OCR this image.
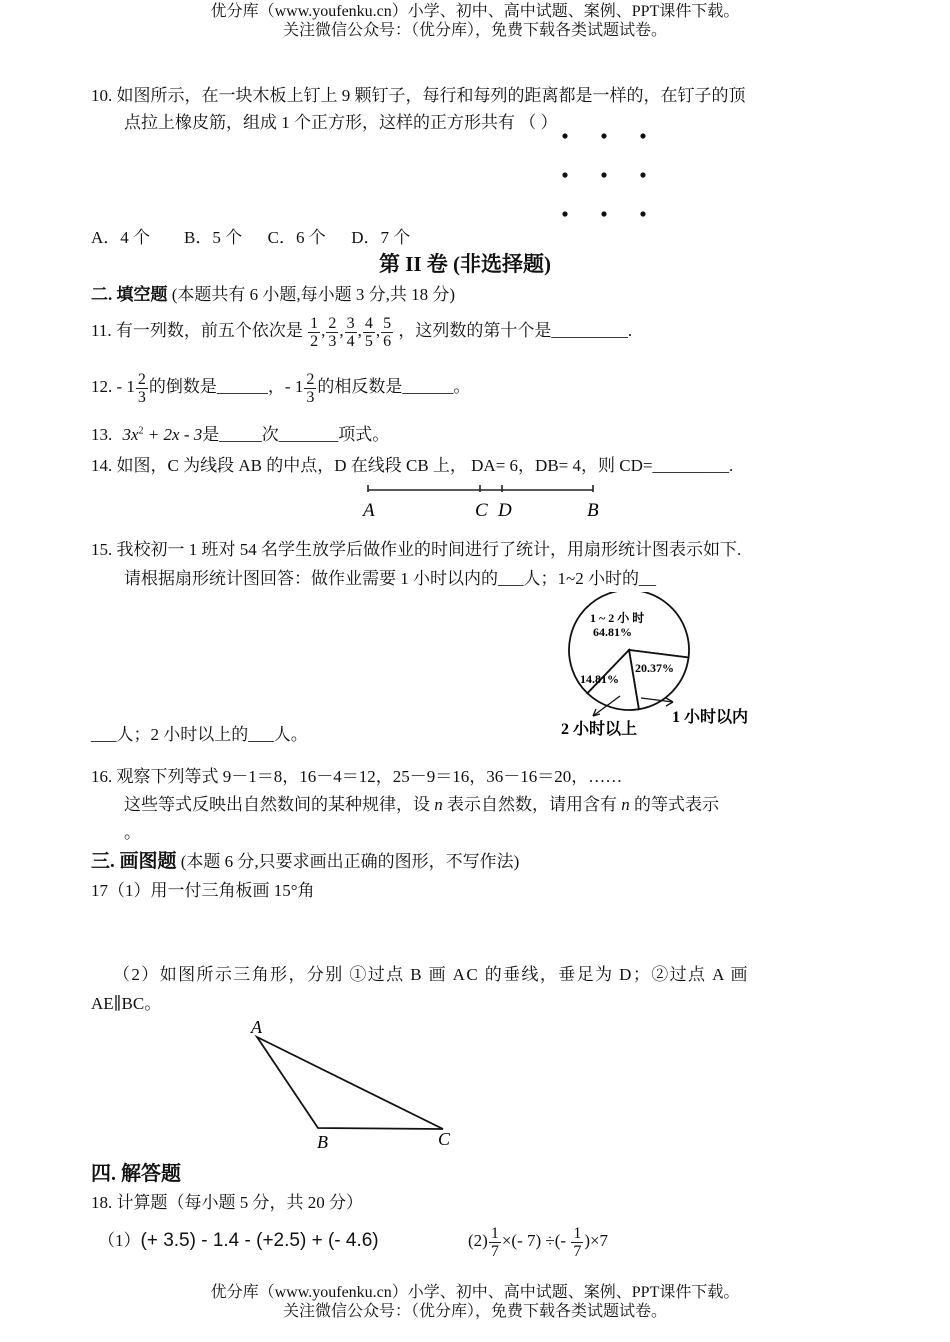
优分库（www.youfenku.cn）小学、初中、高中试题、案例、PPT课件下载。
关注微信公众号：（优分库），免费下载各类试题试卷。
10. 如图所示，在一块木板上钉上 9 颗钉子，每行和每列的距离都是一样的，在钉子的顶
点拉上橡皮筋，组成 1 个正方形，这样的正方形共有 （ ）
A．4 个        B．5 个      C．6 个      D．7 个
第 II 卷 (非选择题)
二. 填空题 (本题共有 6 小题,每小题 3 分,共 18 分)
11. 有一列数，前五个依次是 $\frac{1}{2}$ , $\frac{2}{3}$ , $\frac{3}{4}$ , $\frac{4}{5}$ , $\frac{5}{6}$ ，这列数的第十个是_________.
12. - $1 \frac{2}{3}$ 的倒数是______，- $1 \frac{2}{3}$ 的相反数是______。
13. $3x^2 + 2x - 3$是_____次_______项式。
14. 如图，C 为线段 AB 的中点，D 在线段 CB 上， DA= 6，DB= 4，则 CD=_________.
A	C D	B
15. 我校初一 1 班对 54 名学生放学后做作业的时间进行了统计，用扇形统计图表示如下.
请根据扇形统计图回答：做作业需要 1 小时以内的___人；1~2 小时的__
1 ~ 2 小 时
64.81%
20.37%
14.81%
1 小时以内
2 小时以上
___人；2 小时以上的___人。
16. 观察下列等式 9－1＝8，16－4＝12，25－9＝16，36－16＝20，……
这些等式反映出自然数间的某种规律，设 n 表示自然数，请用含有 n 的等式表示
。
三. 画图题 (本题 6 分,只要求画出正确的图形，不写作法)
17（1）用一付三角板画 15°角
（2）如图所示三角形，分别 ①过点 B 画 AC 的垂线，垂足为 D；②过点 A 画
AE∥BC。
A
B	C
四. 解答题
18. 计算题（每小题 5 分，共 20 分）
（1）(+ 3.5) - 1.4 - (+2.5) + (- 4.6)	$(2) \frac{1}{7}$ ×(- 7) ÷(- $\frac{1}{7} )\times 7$
优分库（www.youfenku.cn）小学、初中、高中试题、案例、PPT课件下载。
关注微信公众号：（优分库），免费下载各类试题试卷。
